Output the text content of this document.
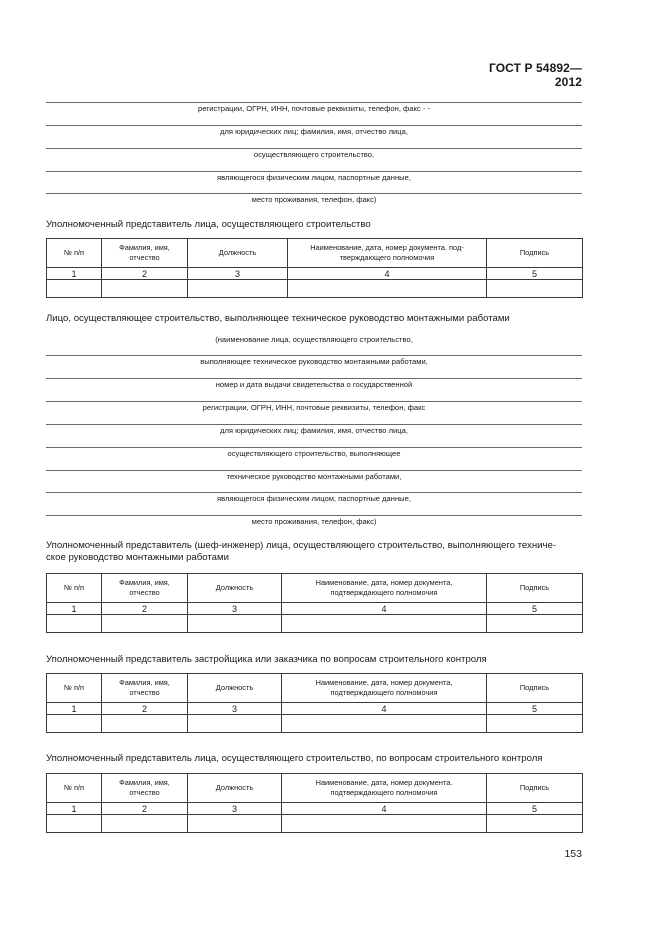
ГОСТ Р 54892—2012
регистрации, ОГРН, ИНН, почтовые реквизиты, телефон, факс - -
для юридических лиц; фамилия, имя, отчество лица,
осуществляющего строительство,
являющегося физическим лицом, паспортные данные,
место проживания, телефон, факс)
Уполномоченный представитель лица, осуществляющего строительство
№ п/п	Фамилия, имя, отчество	Должность	Наименование, дата, номер документа. под-тверждающего полномочия	Подпись
1	2	3	4	5

Лицо, осуществляющее строительство, выполняющее техническое руководство монтажными работами
(наименование лица, осуществляющего строительство,
выполняющее техническое руководство монтажными работами,
номер и дата выдачи свидетельства о государственной
регистрации, ОГРН, ИНН, почтовые реквизиты, телефон, факс
для юридических лиц; фамилия, имя, отчество лица,
осуществляющего строительство, выполняющее
техническое руководство монтажными работами,
являющегося физическим лицом, паспортные данные,
место проживания, телефон, факс)
Уполномоченный представитель (шеф-инженер) лица, осуществляющего строительство, выполняющего техниче-
ское руководство монтажными работами
№ п/п	Фамилия, имя, отчество	Должность	Наименование, дата, номер документа, подтверждающего полномочия	Подпись
1	2	3	4	5

Уполномоченный представитель застройщика или заказчика по вопросам строительного контроля
№ п/п	Фамилия, имя, отчество	Должность	Наименование, дата, номер документа, подтверждающего полномочия	Подпись
1	2	3	4	5

Уполномоченный представитель лица, осуществляющего строительство, по вопросам строительного контроля
№ п/п	Фамилия, имя, отчество	Должность	Наименование, дата, номер документа. подтверждающего полномочия	Подпись
1	2	3	4	5

153
